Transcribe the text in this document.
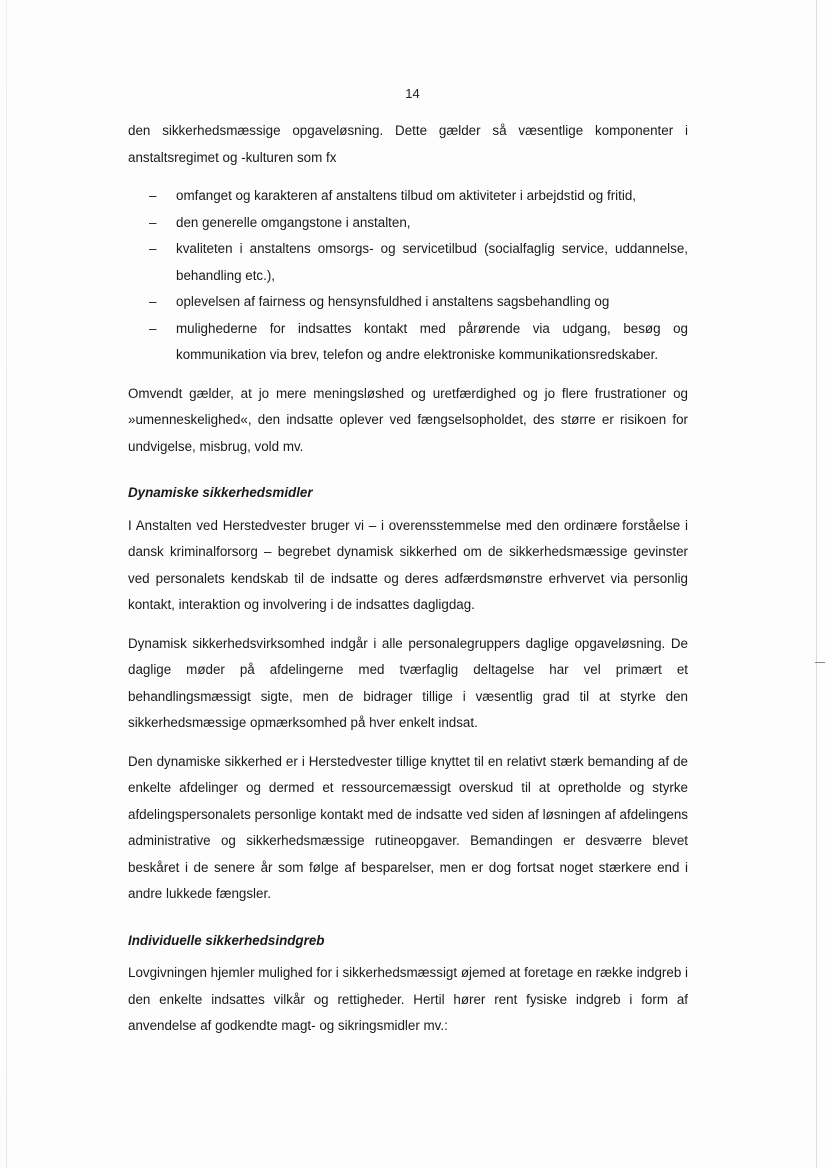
14

den sikkerhedsmæssige opgaveløsning. Dette gælder så væsentlige komponenter i anstaltsregimet og -kulturen som fx

– omfanget og karakteren af anstaltens tilbud om aktiviteter i arbejdstid og fritid,
– den generelle omgangstone i anstalten,
– kvaliteten i anstaltens omsorgs- og servicetilbud (socialfaglig service, uddannelse, behandling etc.),
– oplevelsen af fairness og hensynsfuldhed i anstaltens sagsbehandling og
– mulighederne for indsattes kontakt med pårørende via udgang, besøg og kommunikation via brev, telefon og andre elektroniske kommunikationsredskaber.

Omvendt gælder, at jo mere meningsløshed og uretfærdighed og jo flere frustrationer og »umenneskelighed«, den indsatte oplever ved fængselsopholdet, des større er risikoen for undvigelse, misbrug, vold mv.

Dynamiske sikkerhedsmidler

I Anstalten ved Herstedvester bruger vi – i overensstemmelse med den ordinære forståelse i dansk kriminalforsorg – begrebet dynamisk sikkerhed om de sikkerhedsmæssige gevinster ved personalets kendskab til de indsatte og deres adfærdsmønstre erhvervet via personlig kontakt, interaktion og involvering i de indsattes dagligdag.

Dynamisk sikkerhedsvirksomhed indgår i alle personalegruppers daglige opgaveløsning. De daglige møder på afdelingerne med tværfaglig deltagelse har vel primært et behandlingsmæssigt sigte, men de bidrager tillige i væsentlig grad til at styrke den sikkerhedsmæssige opmærksomhed på hver enkelt indsat.

Den dynamiske sikkerhed er i Herstedvester tillige knyttet til en relativt stærk bemanding af de enkelte afdelinger og dermed et ressourcemæssigt overskud til at opretholde og styrke afdelingspersonalets personlige kontakt med de indsatte ved siden af løsningen af afdelingens administrative og sikkerhedsmæssige rutineopgaver. Bemandingen er desværre blevet beskåret i de senere år som følge af besparelser, men er dog fortsat noget stærkere end i andre lukkede fængsler.

Individuelle sikkerhedsindgreb

Lovgivningen hjemler mulighed for i sikkerhedsmæssigt øjemed at foretage en række indgreb i den enkelte indsattes vilkår og rettigheder. Hertil hører rent fysiske indgreb i form af anvendelse af godkendte magt- og sikringsmidler mv.:
